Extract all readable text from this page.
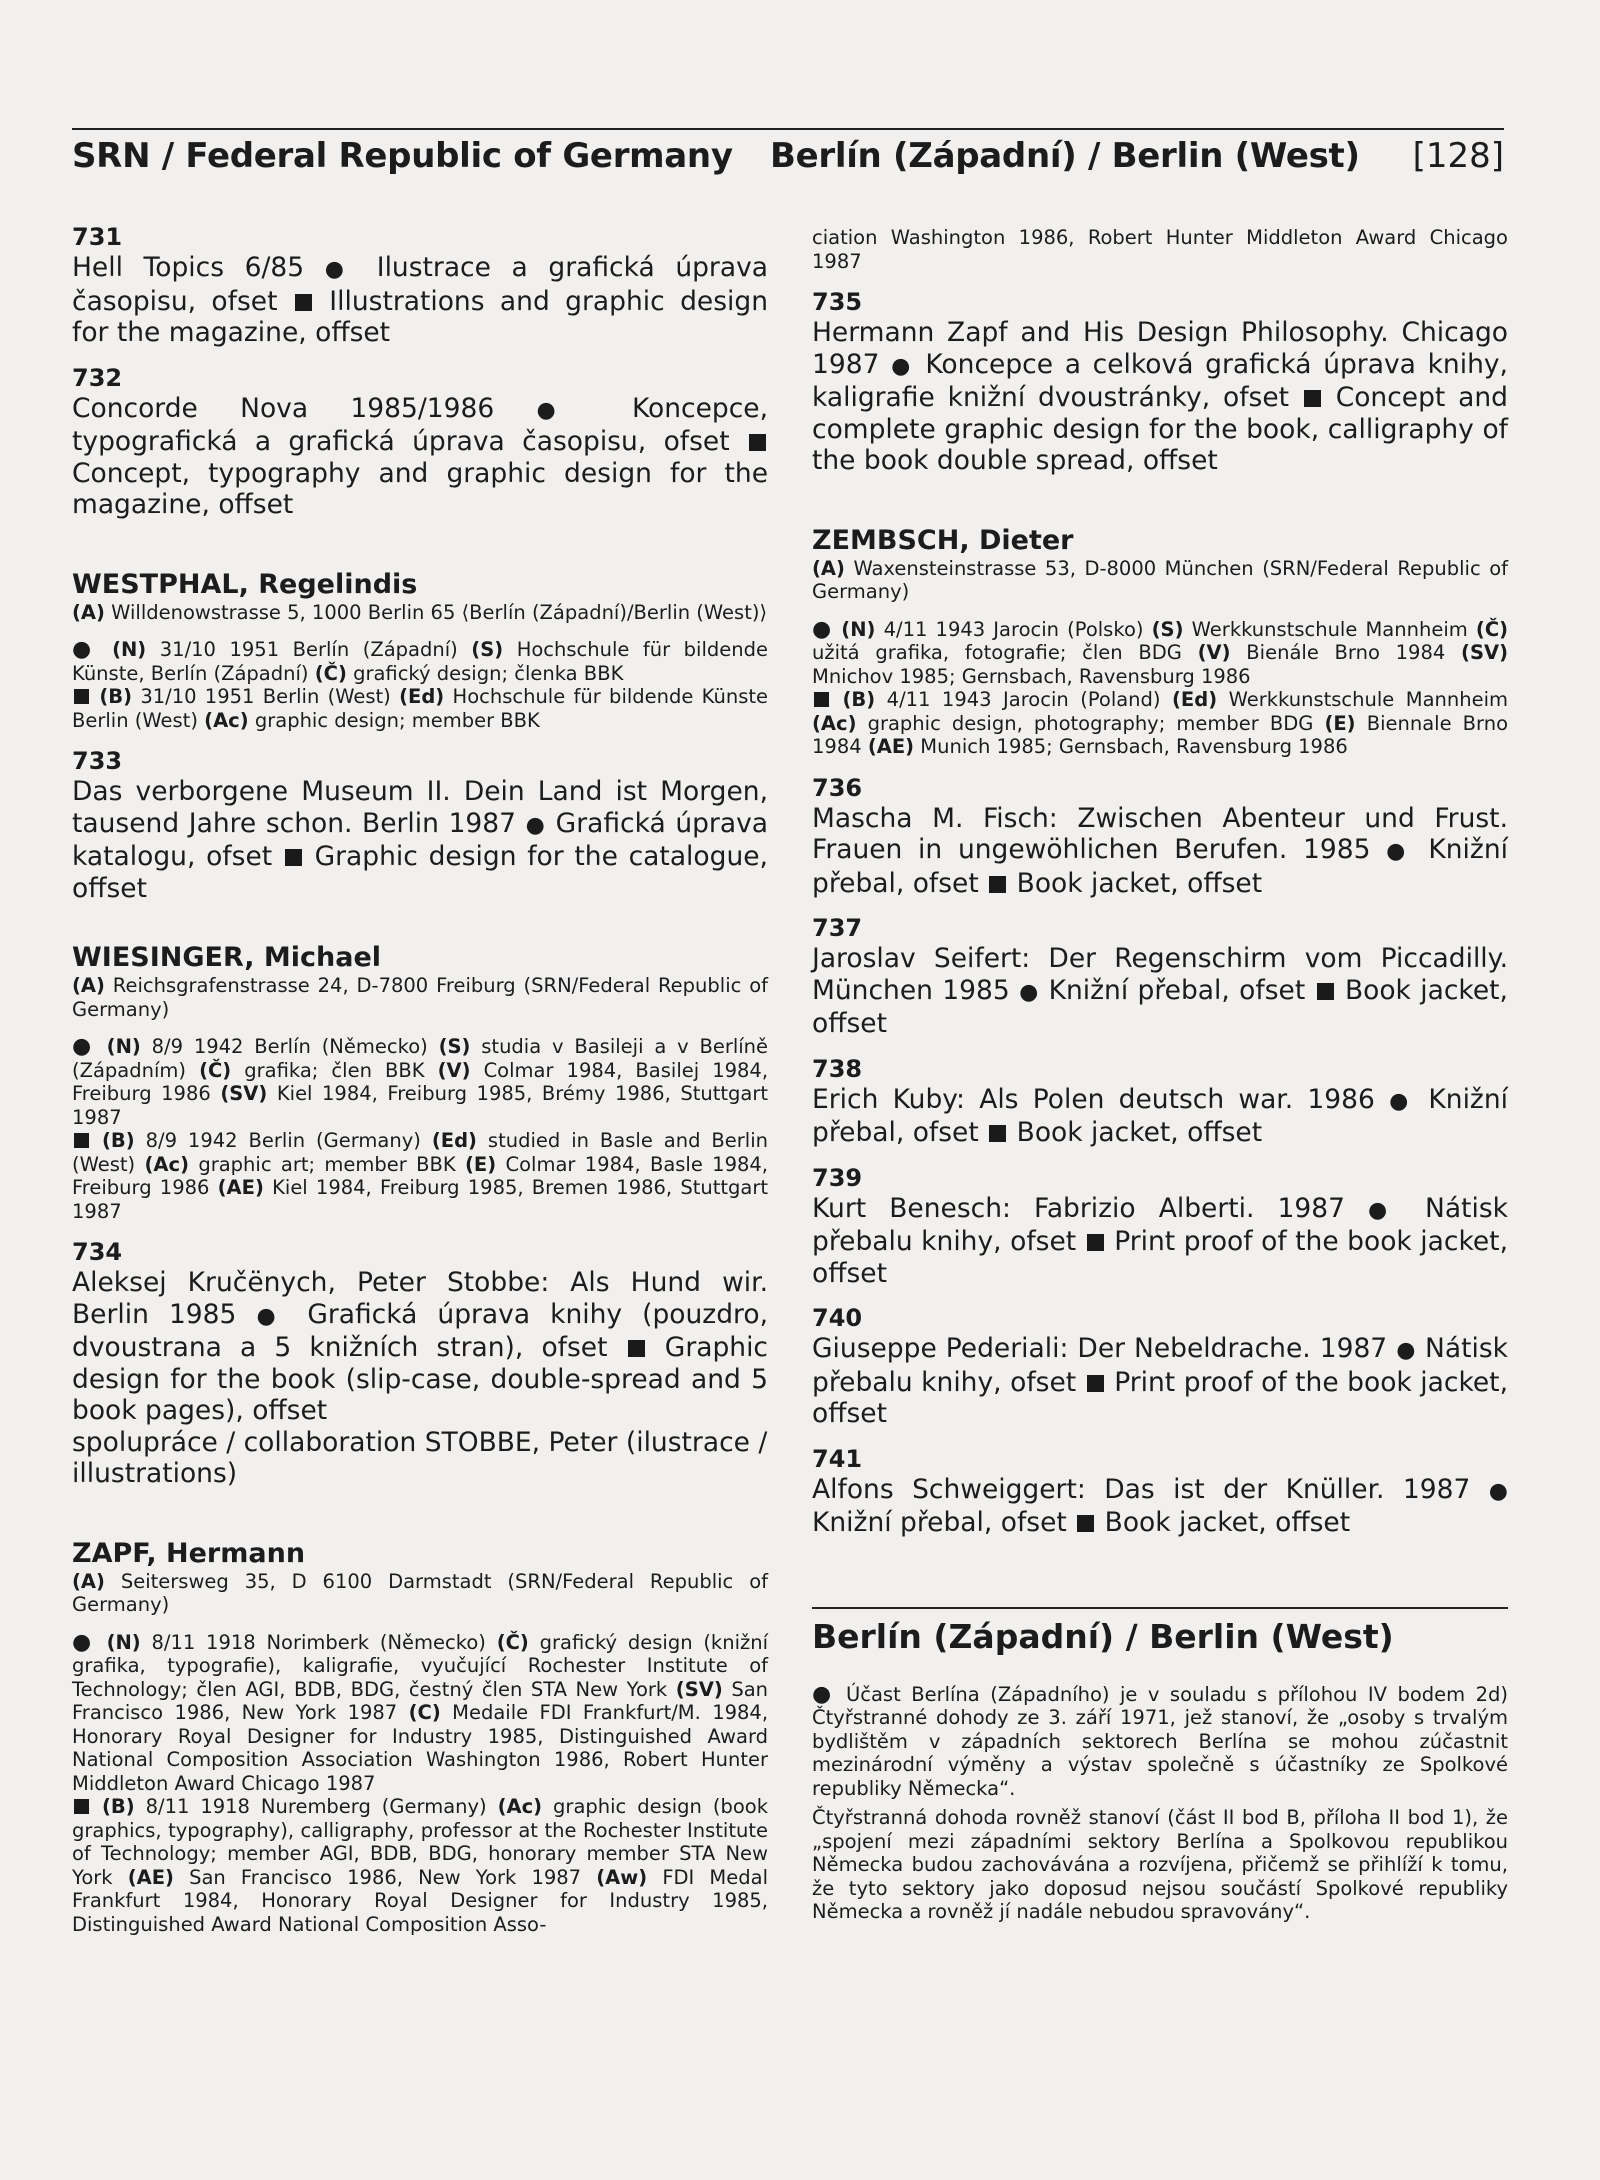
SRN / Federal Republic of Germany Berlín (Západní) / Berlin (West) [128]
731
Hell Topics 6/85 ● Ilustrace a grafická úprava časopisu, ofset Illustrations and graphic design for the magazine, offset
732
Concorde Nova 1985/1986 ● Koncepce, typografická a grafická úprava časopisu, ofset  Concept, typography and graphic design for the magazine, offset
WESTPHAL, Regelindis
(A) Willdenowstrasse 5, 1000 Berlin 65 ⟨Berlín (Západní)/Berlin (West)⟩
● (N) 31/10 1951 Berlín (Západní) (S) Hochschule für bildende Künste, Berlín (Západní) (Č) grafický design; členka BBK
(B) 31/10 1951 Berlin (West) (Ed) Hochschule für bildende Künste Berlin (West) (Ac) graphic design; member BBK
733
Das verborgene Museum II. Dein Land ist Morgen, tausend Jahre schon. Berlin 1987 ● Grafická úprava katalogu, ofset Graphic design for the catalogue, offset
WIESINGER, Michael
(A) Reichsgrafenstrasse 24, D-7800 Freiburg (SRN/Federal Republic of Germany)
● (N) 8/9 1942 Berlín (Německo) (S) studia v Basileji a v Berlíně (Západním) (Č) grafika; člen BBK (V) Colmar 1984, Basilej 1984, Freiburg 1986 (SV) Kiel 1984, Freiburg 1985, Brémy 1986, Stuttgart 1987
(B) 8/9 1942 Berlin (Germany) (Ed) studied in Basle and Berlin (West) (Ac) graphic art; member BBK (E) Colmar 1984, Basle 1984, Freiburg 1986 (AE) Kiel 1984, Freiburg 1985, Bremen 1986, Stuttgart 1987
734
Aleksej Kručënych, Peter Stobbe: Als Hund wir. Berlin 1985 ● Grafická úprava knihy (pouzdro, dvoustrana a 5 knižních stran), ofset Graphic design for the book (slip-case, double-spread and 5 book pages), offset
spolupráce / collaboration STOBBE, Peter (ilustrace / illustrations)
ZAPF, Hermann
(A) Seitersweg 35, D 6100 Darmstadt (SRN/Federal Republic of Germany)
● (N) 8/11 1918 Norimberk (Německo) (Č) grafický design (knižní grafika, typografie), kaligrafie, vyučující Rochester Institute of Technology; člen AGI, BDB, BDG, čestný člen STA New York (SV) San Francisco 1986, New York 1987 (C) Medaile FDI Frankfurt/M. 1984, Honorary Royal Designer for Industry 1985, Distinguished Award National Composition Association Washington 1986, Robert Hunter Middleton Award Chicago 1987
(B) 8/11 1918 Nuremberg (Germany) (Ac) graphic design (book graphics, typography), calligraphy, professor at the Rochester Institute of Technology; member AGI, BDB, BDG, honorary member STA New York (AE) San Francisco 1986, New York 1987 (Aw) FDI Medal Frankfurt 1984, Honorary Royal Designer for Industry 1985, Distinguished Award National Composition Asso-
ciation Washington 1986, Robert Hunter Middleton Award Chicago 1987
735
Hermann Zapf and His Design Philosophy. Chicago 1987 ● Koncepce a celková grafická úprava knihy, kaligrafie knižní dvoustránky, ofset Concept and complete graphic design for the book, calligraphy of the book double spread, offset
ZEMBSCH, Dieter
(A) Waxensteinstrasse 53, D-8000 München (SRN/Federal Republic of Germany)
● (N) 4/11 1943 Jarocin (Polsko) (S) Werkkunstschule Mannheim (Č) užitá grafika, fotografie; člen BDG (V) Bienále Brno 1984 (SV) Mnichov 1985; Gernsbach, Ravensburg 1986
(B) 4/11 1943 Jarocin (Poland) (Ed) Werkkunstschule Mannheim (Ac) graphic design, photography; member BDG (E) Biennale Brno 1984 (AE) Munich 1985; Gernsbach, Ravensburg 1986
736
Mascha M. Fisch: Zwischen Abenteur und Frust. Frauen in ungewöhlichen Berufen. 1985 ● Knižní přebal, ofset Book jacket, offset
737
Jaroslav Seifert: Der Regenschirm vom Piccadilly. München 1985 ● Knižní přebal, ofset Book jacket, offset
738
Erich Kuby: Als Polen deutsch war. 1986 ● Knižní přebal, ofset Book jacket, offset
739
Kurt Benesch: Fabrizio Alberti. 1987 ● Nátisk přebalu knihy, ofset Print proof of the book jacket, offset
740
Giuseppe Pederiali: Der Nebeldrache. 1987 ● Nátisk přebalu knihy, ofset Print proof of the book jacket, offset
741
Alfons Schweiggert: Das ist der Knüller. 1987 ● Knižní přebal, ofset Book jacket, offset
Berlín (Západní) / Berlin (West)
● Účast Berlína (Západního) je v souladu s přílohou IV bodem 2d) Čtyřstranné dohody ze 3. září 1971, jež stanoví, že „osoby s trvalým bydlištěm v západních sektorech Berlína se mohou zúčastnit mezinárodní výměny a výstav společně s účastníky ze Spolkové republiky Německa“.
Čtyřstranná dohoda rovněž stanoví (část II bod B, příloha II bod 1), že „spojení mezi západními sektory Berlína a Spolkovou republikou Německa budou zachovávána a rozvíjena, přičemž se přihlíží k tomu, že tyto sektory jako doposud nejsou součástí Spolkové republiky Německa a rovněž jí nadále nebudou spravovány“.
